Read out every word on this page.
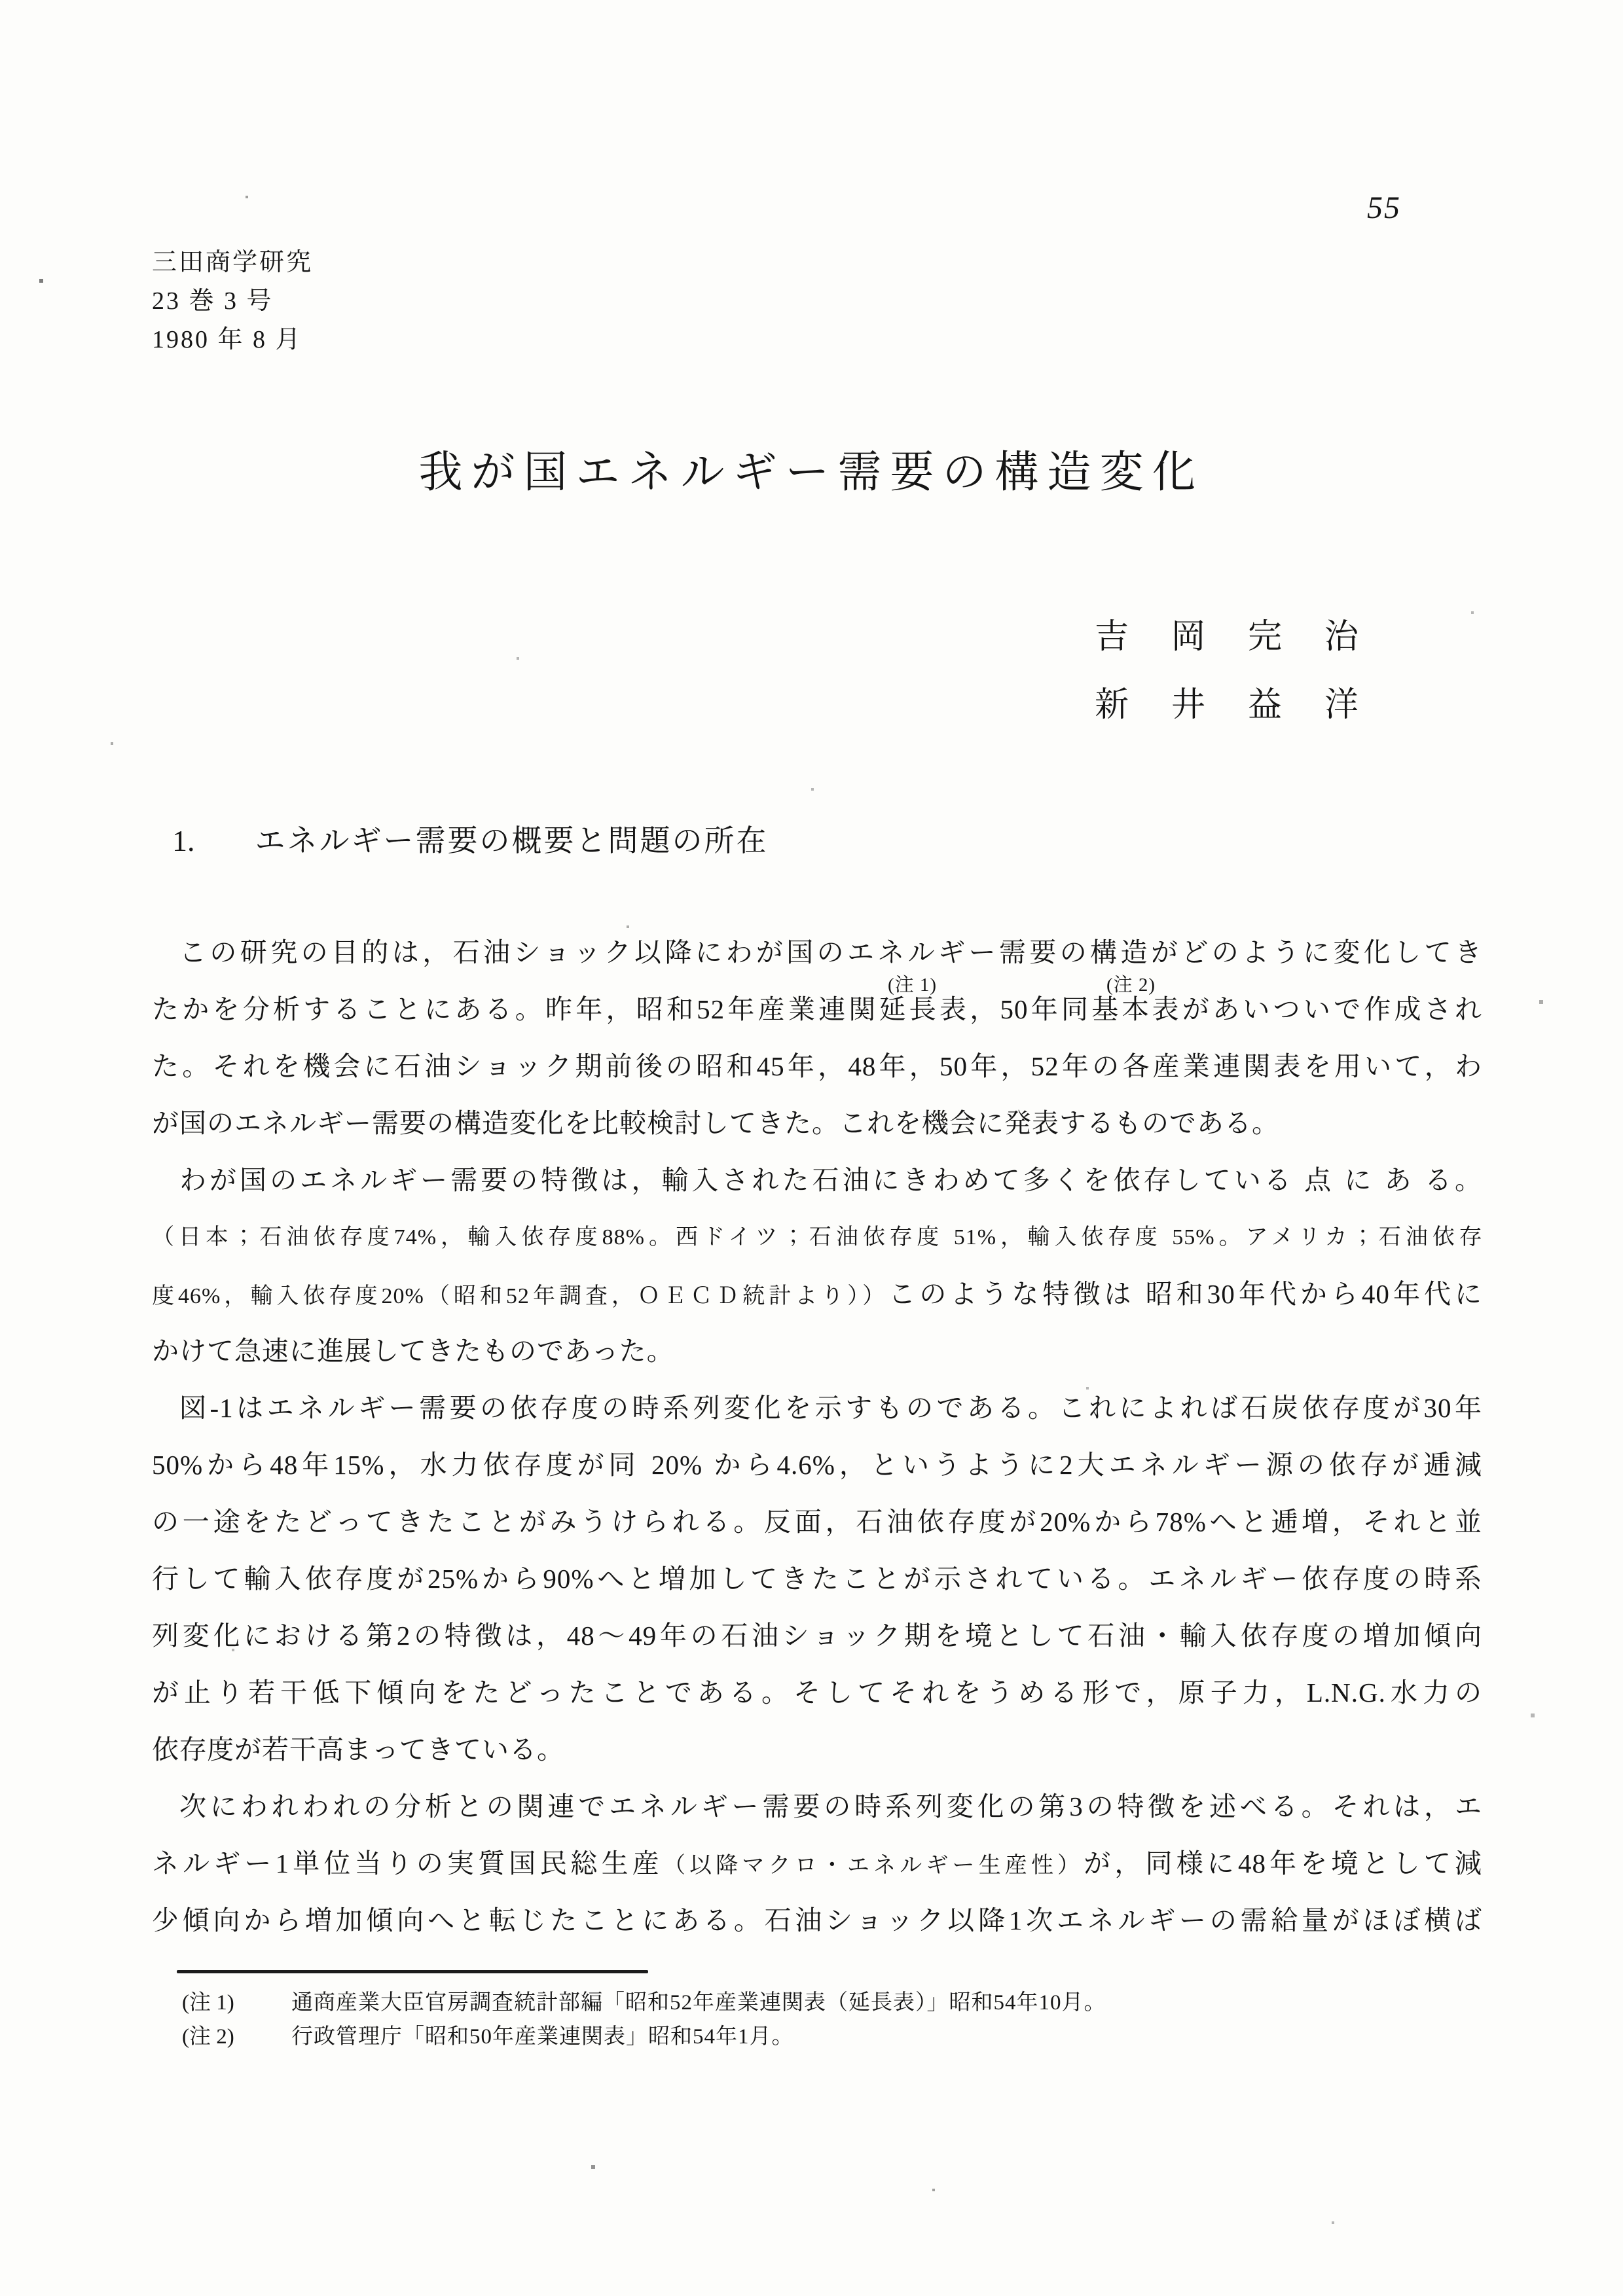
三田商学研究
23 巻 3 号
1980 年 8 月
55
我が国エネルギー需要の構造変化
吉岡完治
新井益洋
1. エネルギー需要の概要と問題の所在
この研究の目的は，石油ショック以降にわが国のエネルギー需要の構造がどのように変化してき
たかを分析することにある。昨年，昭和52年産業連関延長表，50年同基本表があいついで作成され
た。それを機会に石油ショック期前後の昭和45年，48年，50年，52年の各産業連関表を用いて，わ
が国のエネルギー需要の構造変化を比較検討してきた。これを機会に発表するものである。
わが国のエネルギー需要の特徴は，輸入された石油にきわめて多くを依存している 点 に あ る。
（日本；石油依存度74%，輸入依存度88%。西ドイツ；石油依存度 51%，輸入依存度 55%。アメリカ；石油依存
度46%，輸入依存度20%（昭和52年調査，ＯＥＣＤ統計より））このような特徴は 昭和30年代から40年代に
かけて急速に進展してきたものであった。
図-1はエネルギー需要の依存度の時系列変化を示すものである。これによれば石炭依存度が30年
50%から48年15%，水力依存度が同 20% から4.6%，というように2大エネルギー源の依存が逓減
の一途をたどってきたことがみうけられる。反面，石油依存度が20%から78%へと逓増，それと並
行して輸入依存度が25%から90%へと増加してきたことが示されている。エネルギー依存度の時系
列変化における第2の特徴は，48〜49年の石油ショック期を境として石油・輸入依存度の増加傾向
が止り若干低下傾向をたどったことである。そしてそれをうめる形で，原子力，L.N.G.水力の
依存度が若干高まってきている。
次にわれわれの分析との関連でエネルギー需要の時系列変化の第3の特徴を述べる。それは，エ
ネルギー1単位当りの実質国民総生産（以降マクロ・エネルギー生産性）が，同様に48年を境として減
少傾向から増加傾向へと転じたことにある。石油ショック以降1次エネルギーの需給量がほぼ横ば
(注 1)	(注 2)
(注 1)	通商産業大臣官房調査統計部編「昭和52年産業連関表（延長表）」昭和54年10月。
(注 2)	行政管理庁「昭和50年産業連関表」昭和54年1月。
